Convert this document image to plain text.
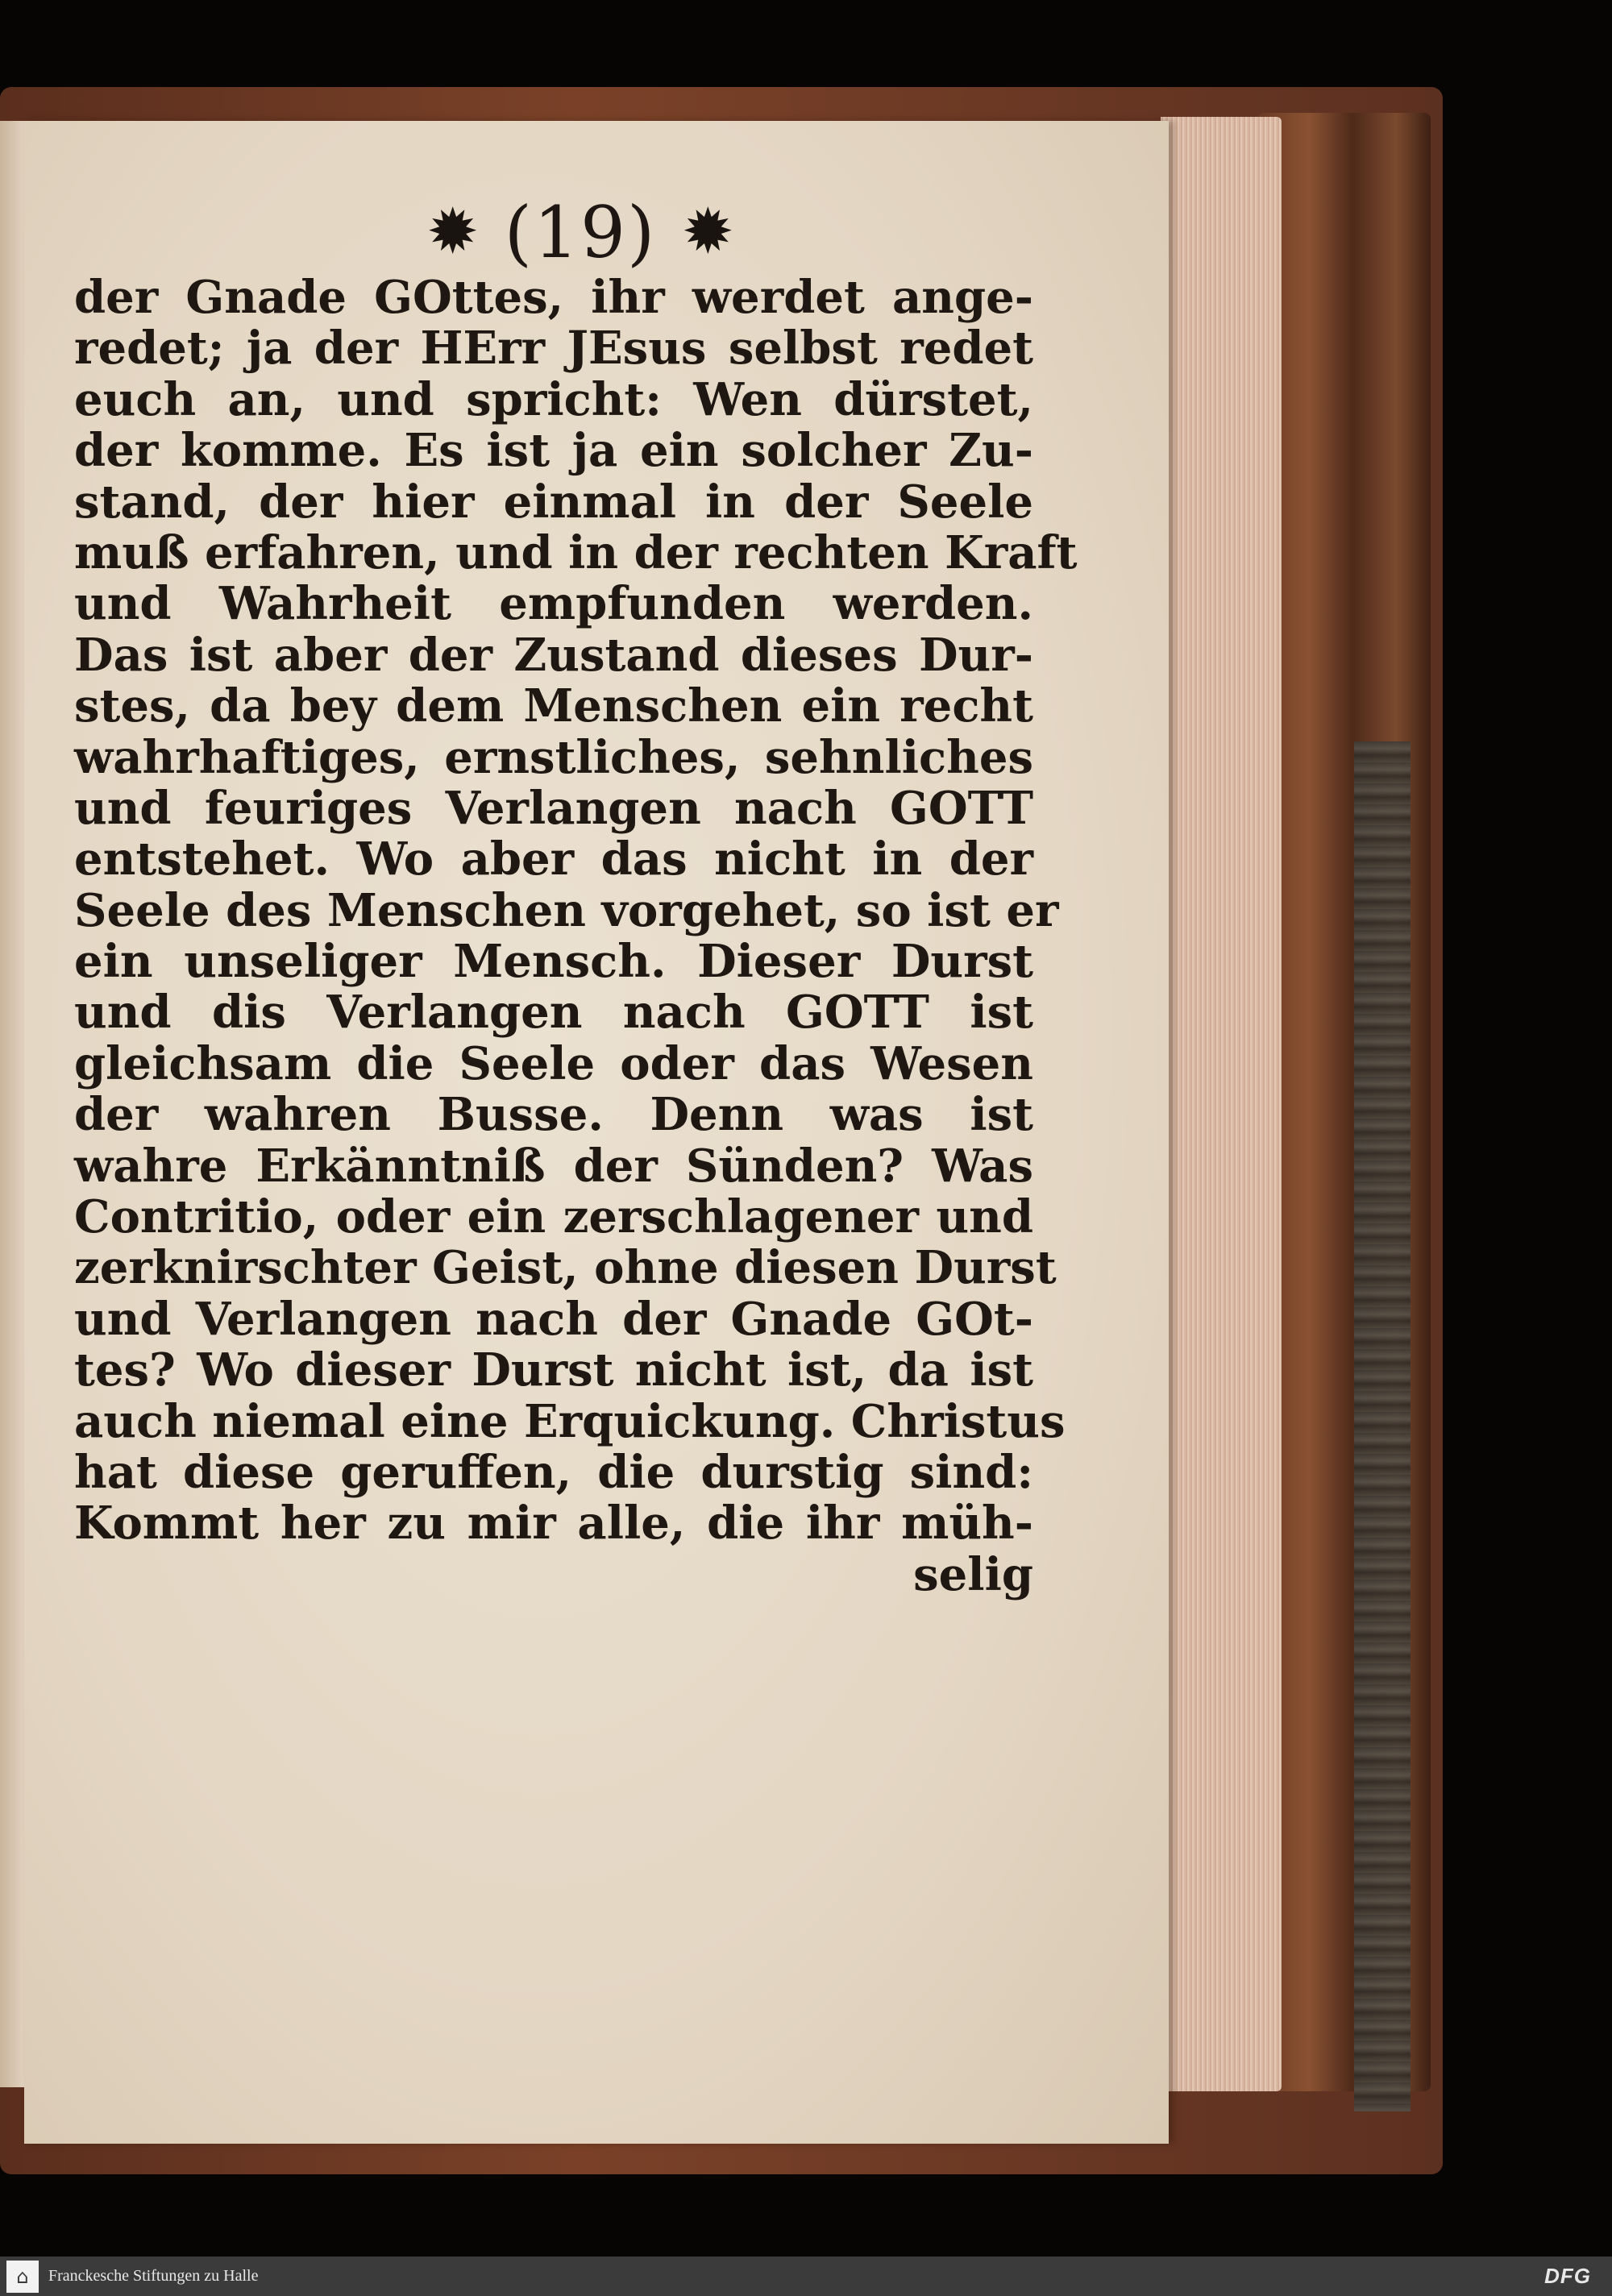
✹ (19) ✹
der Gnade GOttes, ihr werdet ange-
redet; ja der HErr JEsus selbst redet
euch an, und spricht: Wen dürstet,
der komme. Es ist ja ein solcher Zu-
stand, der hier einmal in der Seele
muß erfahren, und in der rechten Kraft
und Wahrheit empfunden werden.
Das ist aber der Zustand dieses Dur-
stes, da bey dem Menschen ein recht
wahrhaftiges, ernstliches, sehnliches
und feuriges Verlangen nach GOTT
entstehet. Wo aber das nicht in der
Seele des Menschen vorgehet, so ist er
ein unseliger Mensch. Dieser Durst
und dis Verlangen nach GOTT ist
gleichsam die Seele oder das Wesen
der wahren Busse. Denn was ist
wahre Erkänntniß der Sünden? Was
Contritio, oder ein zerschlagener und
zerknirschter Geist, ohne diesen Durst
und Verlangen nach der Gnade GOt-
tes? Wo dieser Durst nicht ist, da ist
auch niemal eine Erquickung. Christus
hat diese geruffen, die durstig sind:
Kommt her zu mir alle, die ihr müh-
selig
⌂	Franckesche Stiftungen zu Halle	DFG
